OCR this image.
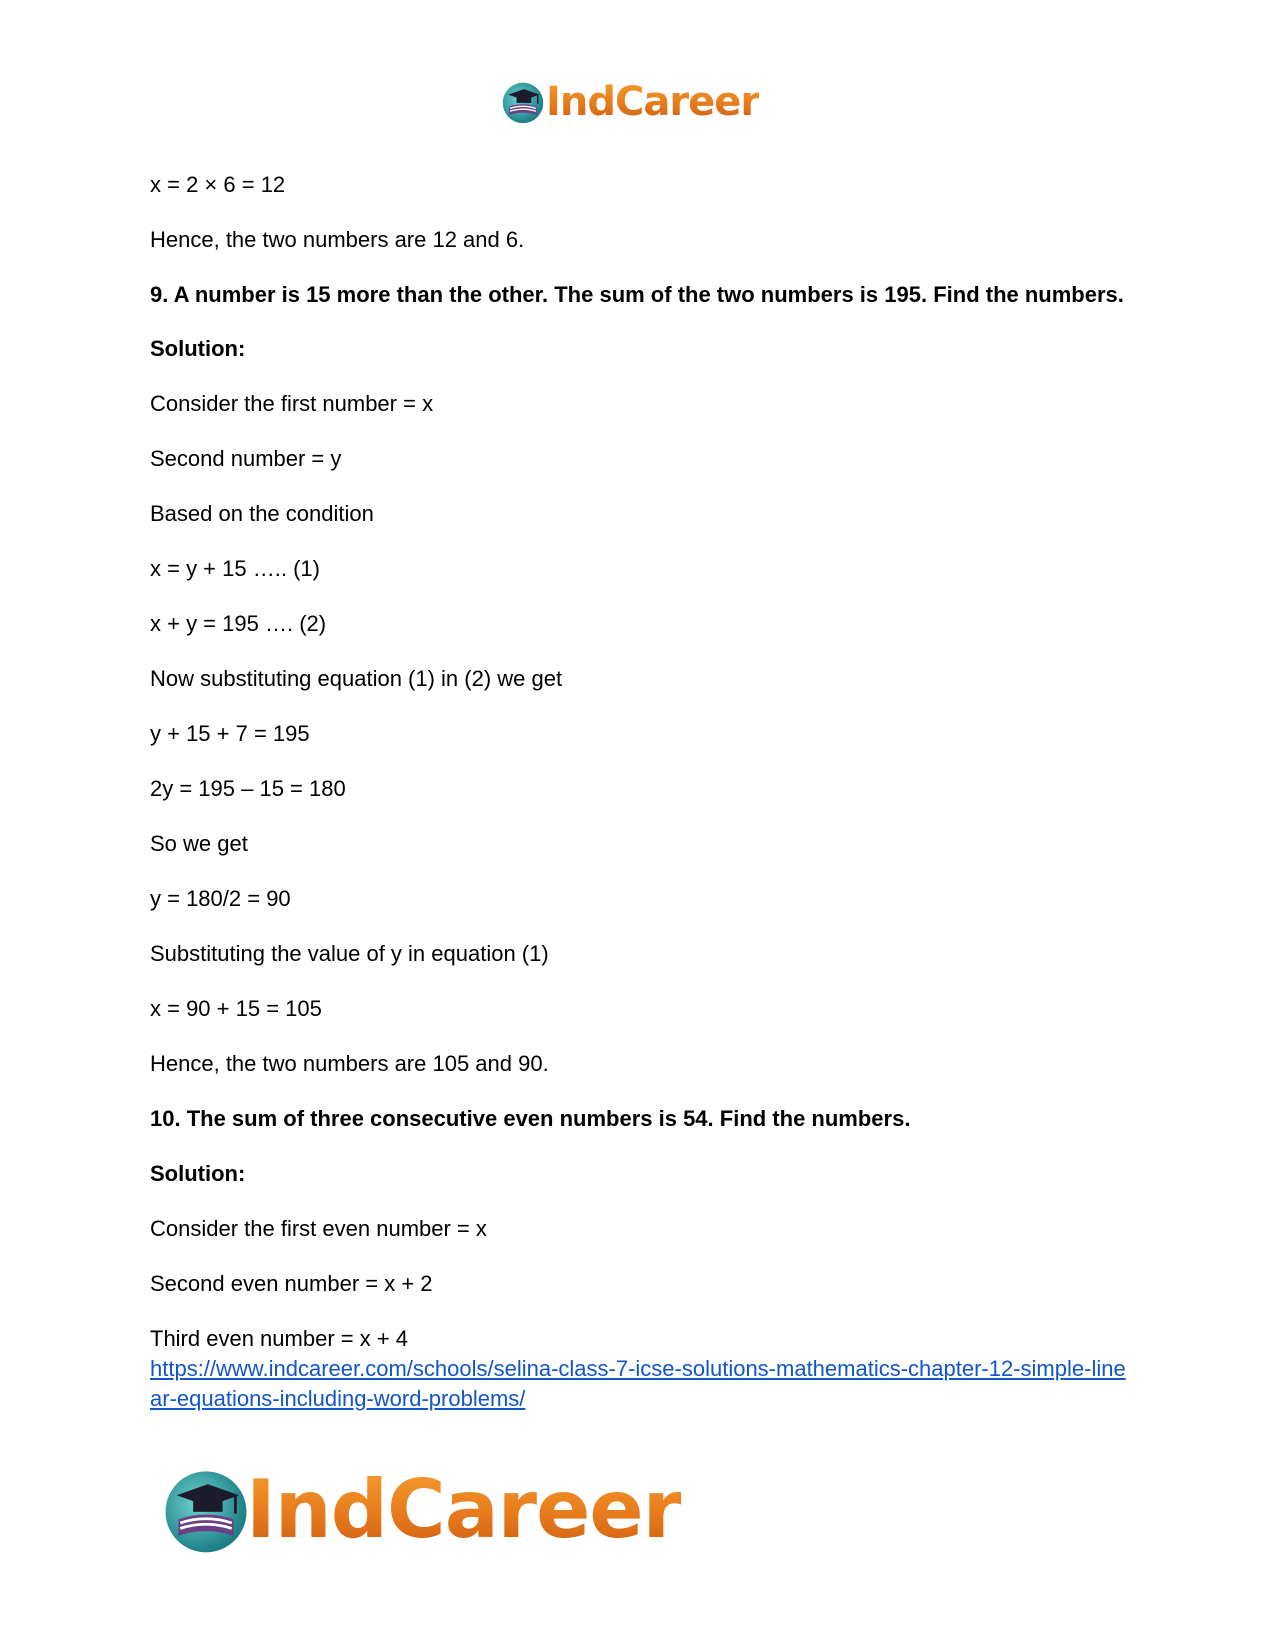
IndCareer

x = 2 × 6 = 12

Hence, the two numbers are 12 and 6.

9. A number is 15 more than the other. The sum of the two numbers is 195. Find the numbers.

Solution:

Consider the first number = x

Second number = y

Based on the condition

x = y + 15 ….. (1)

x + y = 195 …. (2)

Now substituting equation (1) in (2) we get

y + 15 + 7 = 195

2y = 195 – 15 = 180

So we get

y = 180/2 = 90

Substituting the value of y in equation (1)

x = 90 + 15 = 105

Hence, the two numbers are 105 and 90.

10. The sum of three consecutive even numbers is 54. Find the numbers.

Solution:

Consider the first even number = x

Second even number = x + 2

Third even number = x + 4

https://www.indcareer.com/schools/selina-class-7-icse-solutions-mathematics-chapter-12-simple-linear-equations-including-word-problems/
IndCareer
